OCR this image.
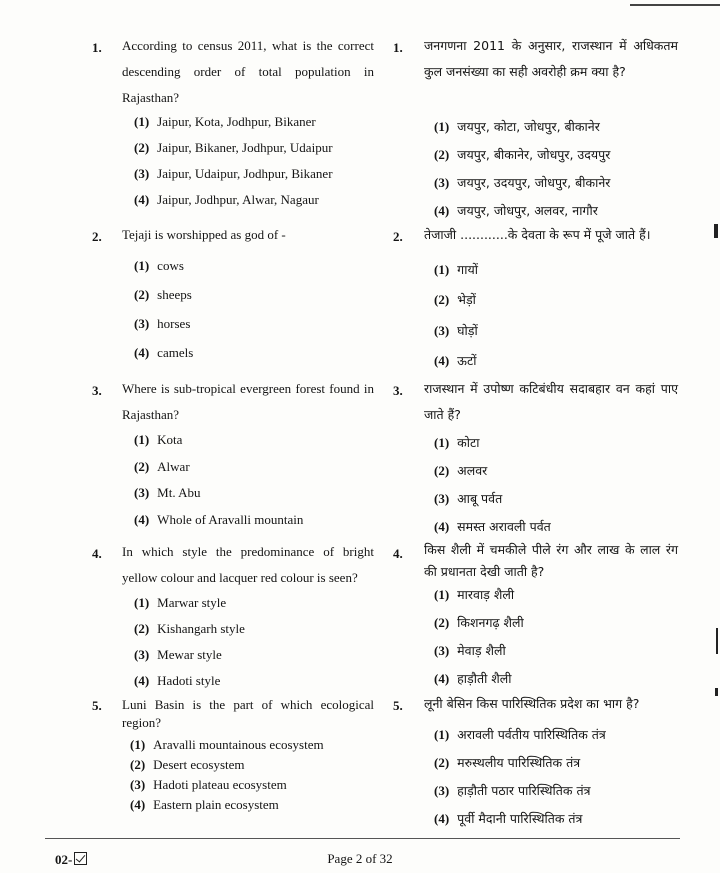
1. According to census 2011, what is the correct descending order of total population in Rajasthan?
1. जनगणना 2011 के अनुसार, राजस्थान में अधिकतम कुल जनसंख्या का सही अवरोही क्रम क्या है?
(1) Jaipur, Kota, Jodhpur, Bikaner
(2) Jaipur, Bikaner, Jodhpur, Udaipur
(3) Jaipur, Udaipur, Jodhpur, Bikaner
(4) Jaipur, Jodhpur, Alwar, Nagaur
(1) जयपुर, कोटा, जोधपुर, बीकानेर
(2) जयपुर, बीकानेर, जोधपुर, उदयपुर
(3) जयपुर, उदयपुर, जोधपुर, बीकानेर
(4) जयपुर, जोधपुर, अलवर, नागौर
2. Tejaji is worshipped as god of -	2. तेजाजी ............के देवता के रूप में पूजे जाते हैं।
(1) cows
(2) sheeps
(3) horses
(4) camels
(1) गायों
(2) भेड़ों
(3) घोड़ों
(4) ऊटों
3. Where is sub-tropical evergreen forest found in Rajasthan?
3. राजस्थान में उपोष्ण कटिबंधीय सदाबहार वन कहां पाए जाते हैं?
(1) Kota
(2) Alwar
(3) Mt. Abu
(4) Whole of Aravalli mountain
(1) कोटा
(2) अलवर
(3) आबू पर्वत
(4) समस्त अरावली पर्वत
4. In which style the predominance of bright yellow colour and lacquer red colour is seen?
4. किस शैली में चमकीले पीले रंग और लाख के लाल रंग की प्रधानता देखी जाती है?
(1) Marwar style
(2) Kishangarh style
(3) Mewar style
(4) Hadoti style
(1) मारवाड़ शैली
(2) किशनगढ़ शैली
(3) मेवाड़ शैली
(4) हाड़ौती शैली
5. Luni Basin is the part of which ecological region?
5. लूनी बेसिन किस पारिस्थितिक प्रदेश का भाग है?
(1) Aravalli mountainous ecosystem
(2) Desert ecosystem
(3) Hadoti plateau ecosystem
(4) Eastern plain ecosystem
(1) अरावली पर्वतीय पारिस्थितिक तंत्र
(2) मरुस्थलीय पारिस्थितिक तंत्र
(3) हाड़ौती पठार पारिस्थितिक तंत्र
(4) पूर्वी मैदानी पारिस्थितिक तंत्र
02-	Page 2 of 32
